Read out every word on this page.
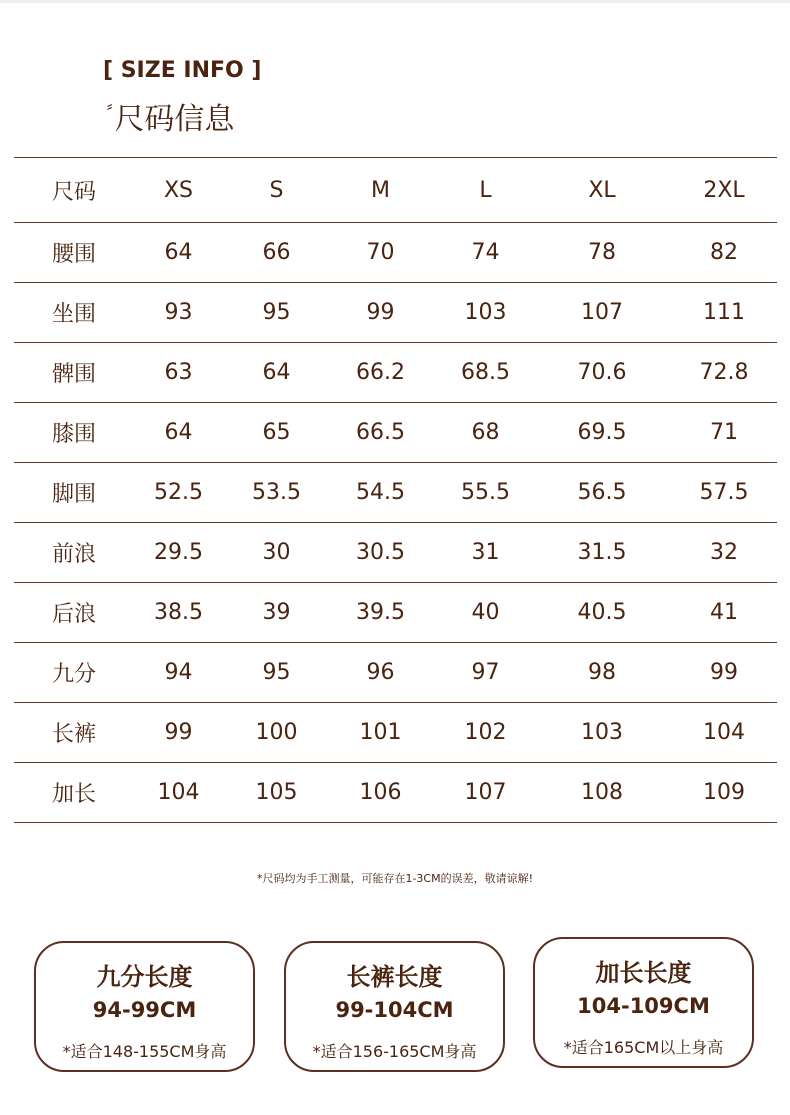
[ SIZE INFO ]
⸗尺码信息
尺码	XS	S	M	L	XL	2XL
腰围	64	66	70	74	78	82
坐围	93	95	99	103	107	111
髀围	63	64	66.2	68.5	70.6	72.8
膝围	64	65	66.5	68	69.5	71
脚围	52.5	53.5	54.5	55.5	56.5	57.5
前浪	29.5	30	30.5	31	31.5	32
后浪	38.5	39	39.5	40	40.5	41
九分	94	95	96	97	98	99
长裤	99	100	101	102	103	104
加长	104	105	106	107	108	109
*尺码均为手工测量，可能存在1-3CM的误差，敬请谅解!
九分长度
94-99CM
*适合148-155CM身高
长裤长度
99-104CM
*适合156-165CM身高
加长长度
104-109CM
*适合165CM以上身高
